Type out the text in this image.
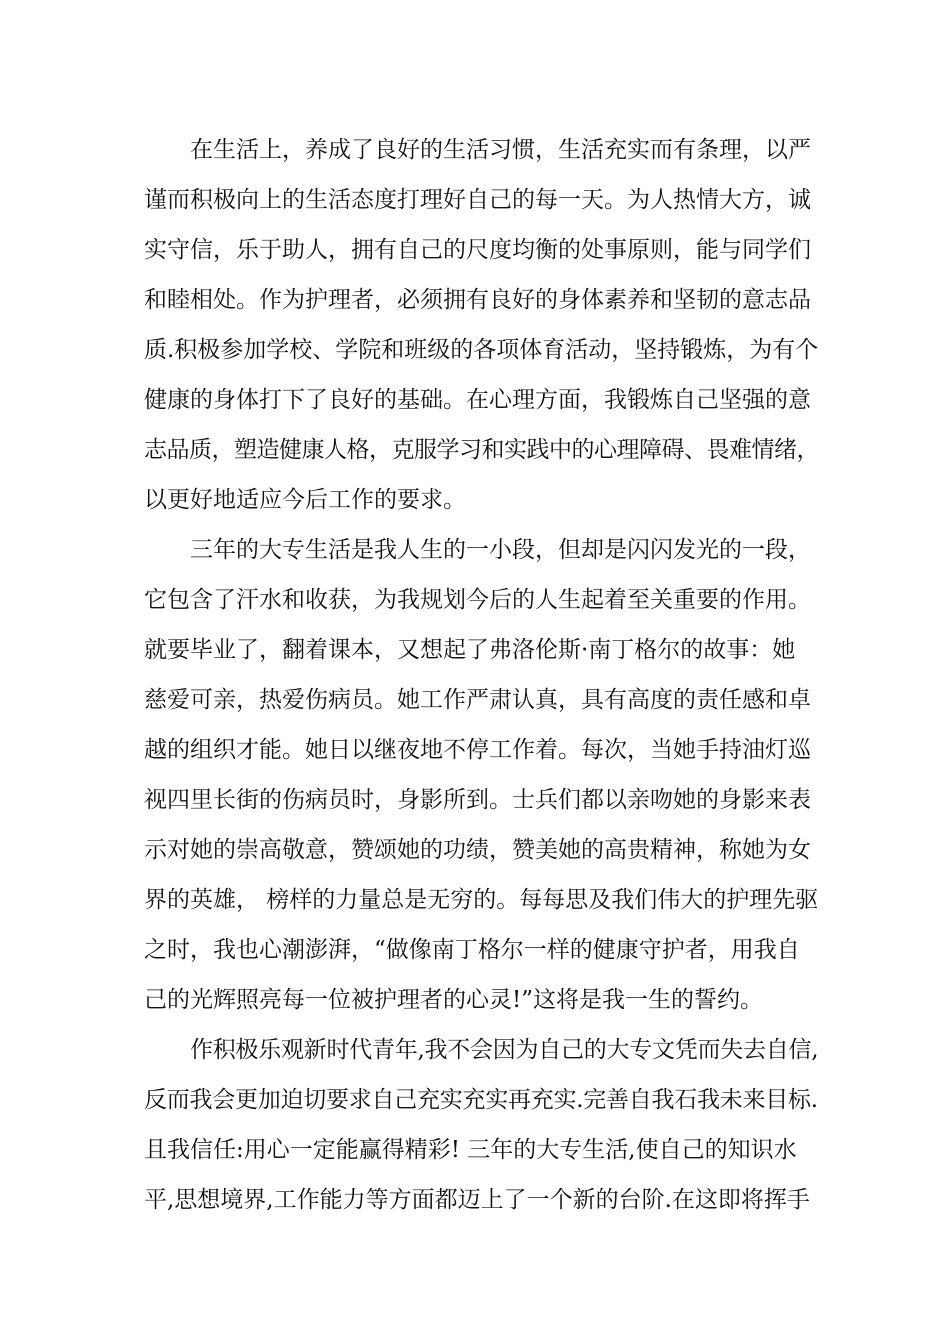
在生活上，养成了良好的生活习惯，生活充实而有条理，以严
谨而积极向上的生活态度打理好自己的每一天。为人热情大方，诚
实守信，乐于助人，拥有自己的尺度均衡的处事原则，能与同学们
和睦相处。作为护理者，必须拥有良好的身体素养和坚韧的意志品
质.积极参加学校、学院和班级的各项体育活动，坚持锻炼，为有个
健康的身体打下了良好的基础。在心理方面，我锻炼自己坚强的意
志品质，塑造健康人格，克服学习和实践中的心理障碍、畏难情绪，
以更好地适应今后工作的要求。
三年的大专生活是我人生的一小段，但却是闪闪发光的一段，
它包含了汗水和收获，为我规划今后的人生起着至关重要的作用。
就要毕业了，翻着课本，又想起了弗洛伦斯·南丁格尔的故事：她
慈爱可亲，热爱伤病员。她工作严肃认真，具有高度的责任感和卓
越的组织才能。她日以继夜地不停工作着。每次，当她手持油灯巡
视四里长街的伤病员时，身影所到。士兵们都以亲吻她的身影来表
示对她的崇高敬意，赞颂她的功绩，赞美她的高贵精神，称她为女
界的英雄， 榜样的力量总是无穷的。每每思及我们伟大的护理先驱
之时，我也心潮澎湃，“做像南丁格尔一样的健康守护者，用我自
己的光辉照亮每一位被护理者的心灵!”这将是我一生的誓约。
作积极乐观新时代青年,我不会因为自己的大专文凭而失去自信,
反而我会更加迫切要求自己充实充实再充实.完善自我石我未来目标.
且我信任:用心一定能赢得精彩! 三年的大专生活,使自己的知识水
平,思想境界,工作能力等方面都迈上了一个新的台阶.在这即将挥手
